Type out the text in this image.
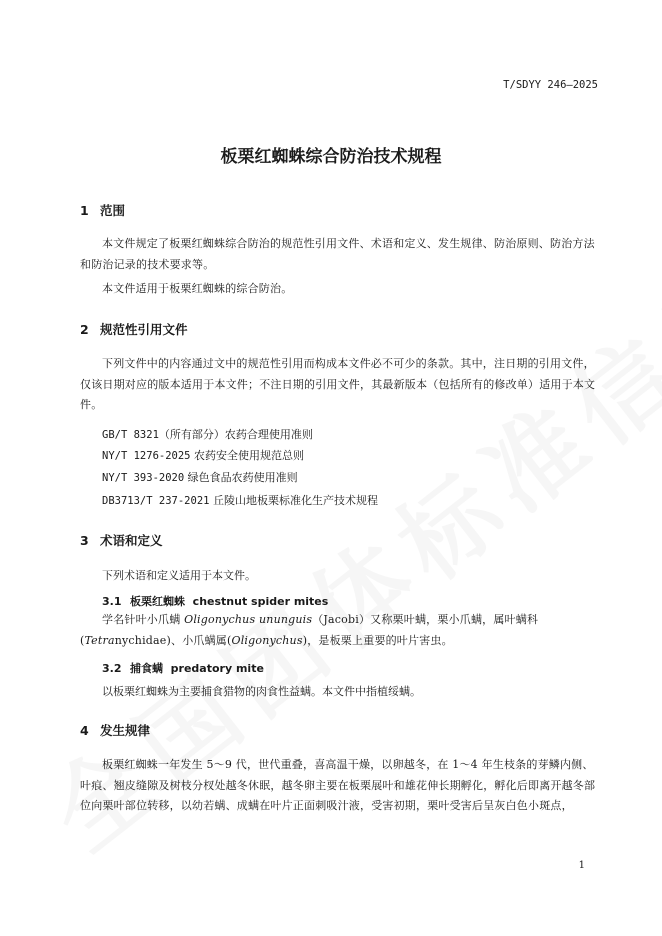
T/SDYY 246—2025
板栗红蜘蛛综合防治技术规程
1 范围
本文件规定了板栗红蜘蛛综合防治的规范性引用文件、术语和定义、发生规律、防治原则、防治方法和防治记录的技术要求等。
本文件适用于板栗红蜘蛛的综合防治。
2 规范性引用文件
下列文件中的内容通过文中的规范性引用而构成本文件必不可少的条款。其中，注日期的引用文件，仅该日期对应的版本适用于本文件；不注日期的引用文件，其最新版本（包括所有的修改单）适用于本文件。
GB/T 8321（所有部分）农药合理使用准则
NY/T 1276-2025 农药安全使用规范总则
NY/T 393-2020 绿色食品农药使用准则
DB3713/T 237-2021 丘陵山地板栗标准化生产技术规程
3 术语和定义
下列术语和定义适用于本文件。
3.1 板栗红蜘蛛 chestnut spider mites
学名针叶小爪螨 Oligonychus ununguis（Jacobi）又称栗叶螨，栗小爪螨，属叶螨科(Tetranychidae)、小爪螨属(Oligonychus)，是板栗上重要的叶片害虫。
3.2 捕食螨 predatory mite
以板栗红蜘蛛为主要捕食猎物的肉食性益螨。本文件中指植绥螨。
4 发生规律
板栗红蜘蛛一年发生 5～9 代，世代重叠，喜高温干燥，以卵越冬，在 1～4 年生枝条的芽鳞内侧、叶痕、翘皮缝隙及树枝分杈处越冬休眠，越冬卵主要在板栗展叶和雄花伸长期孵化，孵化后即离开越冬部位向栗叶部位转移，以幼若螨、成螨在叶片正面刺吸汁液，受害初期，栗叶受害后呈灰白色小斑点，
1
